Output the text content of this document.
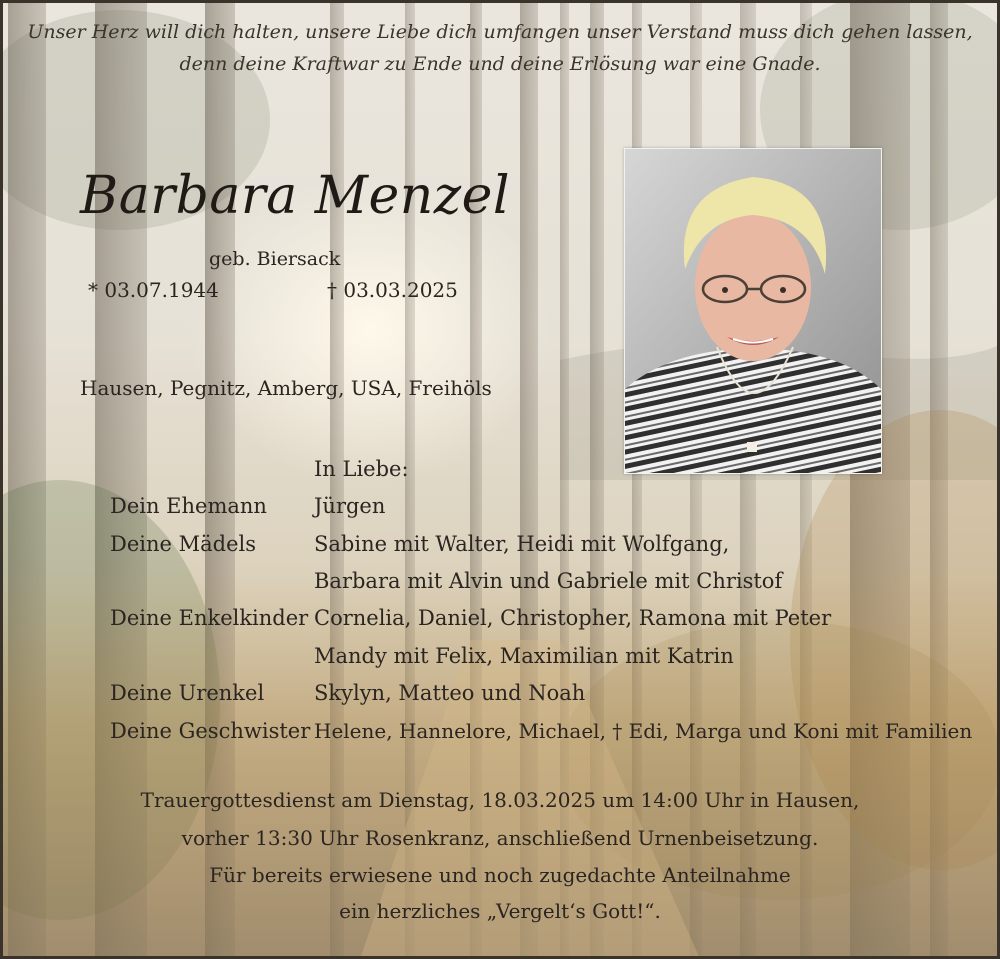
Unser Herz will dich halten, unsere Liebe dich umfangen unser Verstand muss dich gehen lassen,
denn deine Kraftwar zu Ende und deine Erlösung war eine Gnade.
Barbara Menzel
geb. Biersack
* 03.07.1944	† 03.03.2025
Hausen, Pegnitz, Amberg, USA, Freihöls
In Liebe:
Dein Ehemann Jürgen
Deine Mädels	Sabine mit Walter, Heidi mit Wolfgang,
Barbara mit Alvin und Gabriele mit Christof
Deine Enkelkinder Cornelia, Daniel, Christopher, Ramona mit Peter
Mandy mit Felix, Maximilian mit Katrin
Deine Urenkel Skylyn, Matteo und Noah
Deine Geschwister Helene, Hannelore, Michael, † Edi, Marga und Koni mit Familien
Trauergottesdienst am Dienstag, 18.03.2025 um 14:00 Uhr in Hausen,
vorher 13:30 Uhr Rosenkranz, anschließend Urnenbeisetzung.
Für bereits erwiesene und noch zugedachte Anteilnahme
ein herzliches „Vergelt‘s Gott!“.
